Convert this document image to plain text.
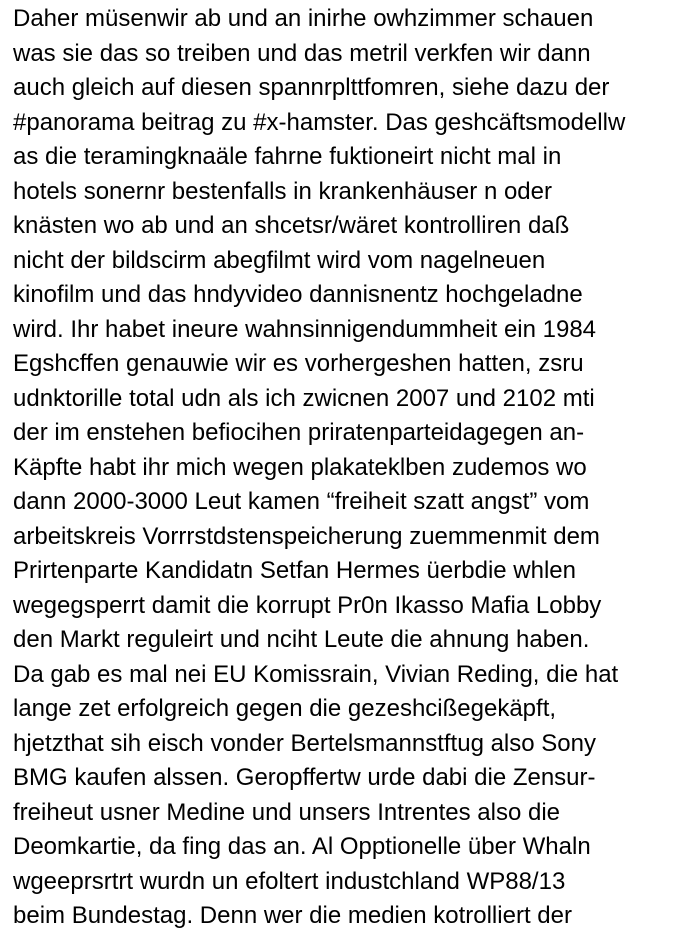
Daher müsenwir ab und an inirhe owhzimmer schauen
was sie das so treiben und das metril verkfen wir dann
auch gleich auf diesen spannrplttfomren, siehe dazu der
#panorama beitrag zu #x-hamster. Das geshcäftsmodellw
as die teramingknaäle fahrne fuktioneirt nicht mal in
hotels sonernr bestenfalls in krankenhäuser n oder
knästen wo ab und an shcetsr/wäret kontrolliren daß
nicht der bildscirm abegfilmt wird vom nagelneuen
kinofilm und das hndyvideo dannisnentz hochgeladne
wird. Ihr habet ineure wahnsinnigendummheit ein 1984
Egshcffen genauwie wir es vorhergeshen hatten, zsru
udnktorille total udn als ich zwicnen 2007 und 2102 mti
der im enstehen befiocihen priratenparteidagegen an-
Käpfte habt ihr mich wegen plakateklben zudemos wo
dann 2000-3000 Leut kamen “freiheit szatt angst” vom
arbeitskreis Vorrrstdstenspeicherung zuemmenmit dem
Prirtenparte Kandidatn Setfan Hermes üerbdie whlen
wegegsperrt damit die korrupt Pr0n Ikasso Mafia Lobby
den Markt reguleirt und nciht Leute die ahnung haben.
Da gab es mal nei EU Komissrain, Vivian Reding, die hat
lange zet erfolgreich gegen die gezeshcißegekäpft,
hjetzthat sih eisch vonder Bertelsmannstftug also Sony
BMG kaufen alssen. Geropffertw urde dabi die Zensur-
freiheut usner Medine und unsers Intrentes also die
Deomkartie, da fing das an. Al Opptionelle über Whaln
wgeeprsrtrt wurdn un efoltert industchland WP88/13
beim Bundestag. Denn wer die medien kotrolliert der
